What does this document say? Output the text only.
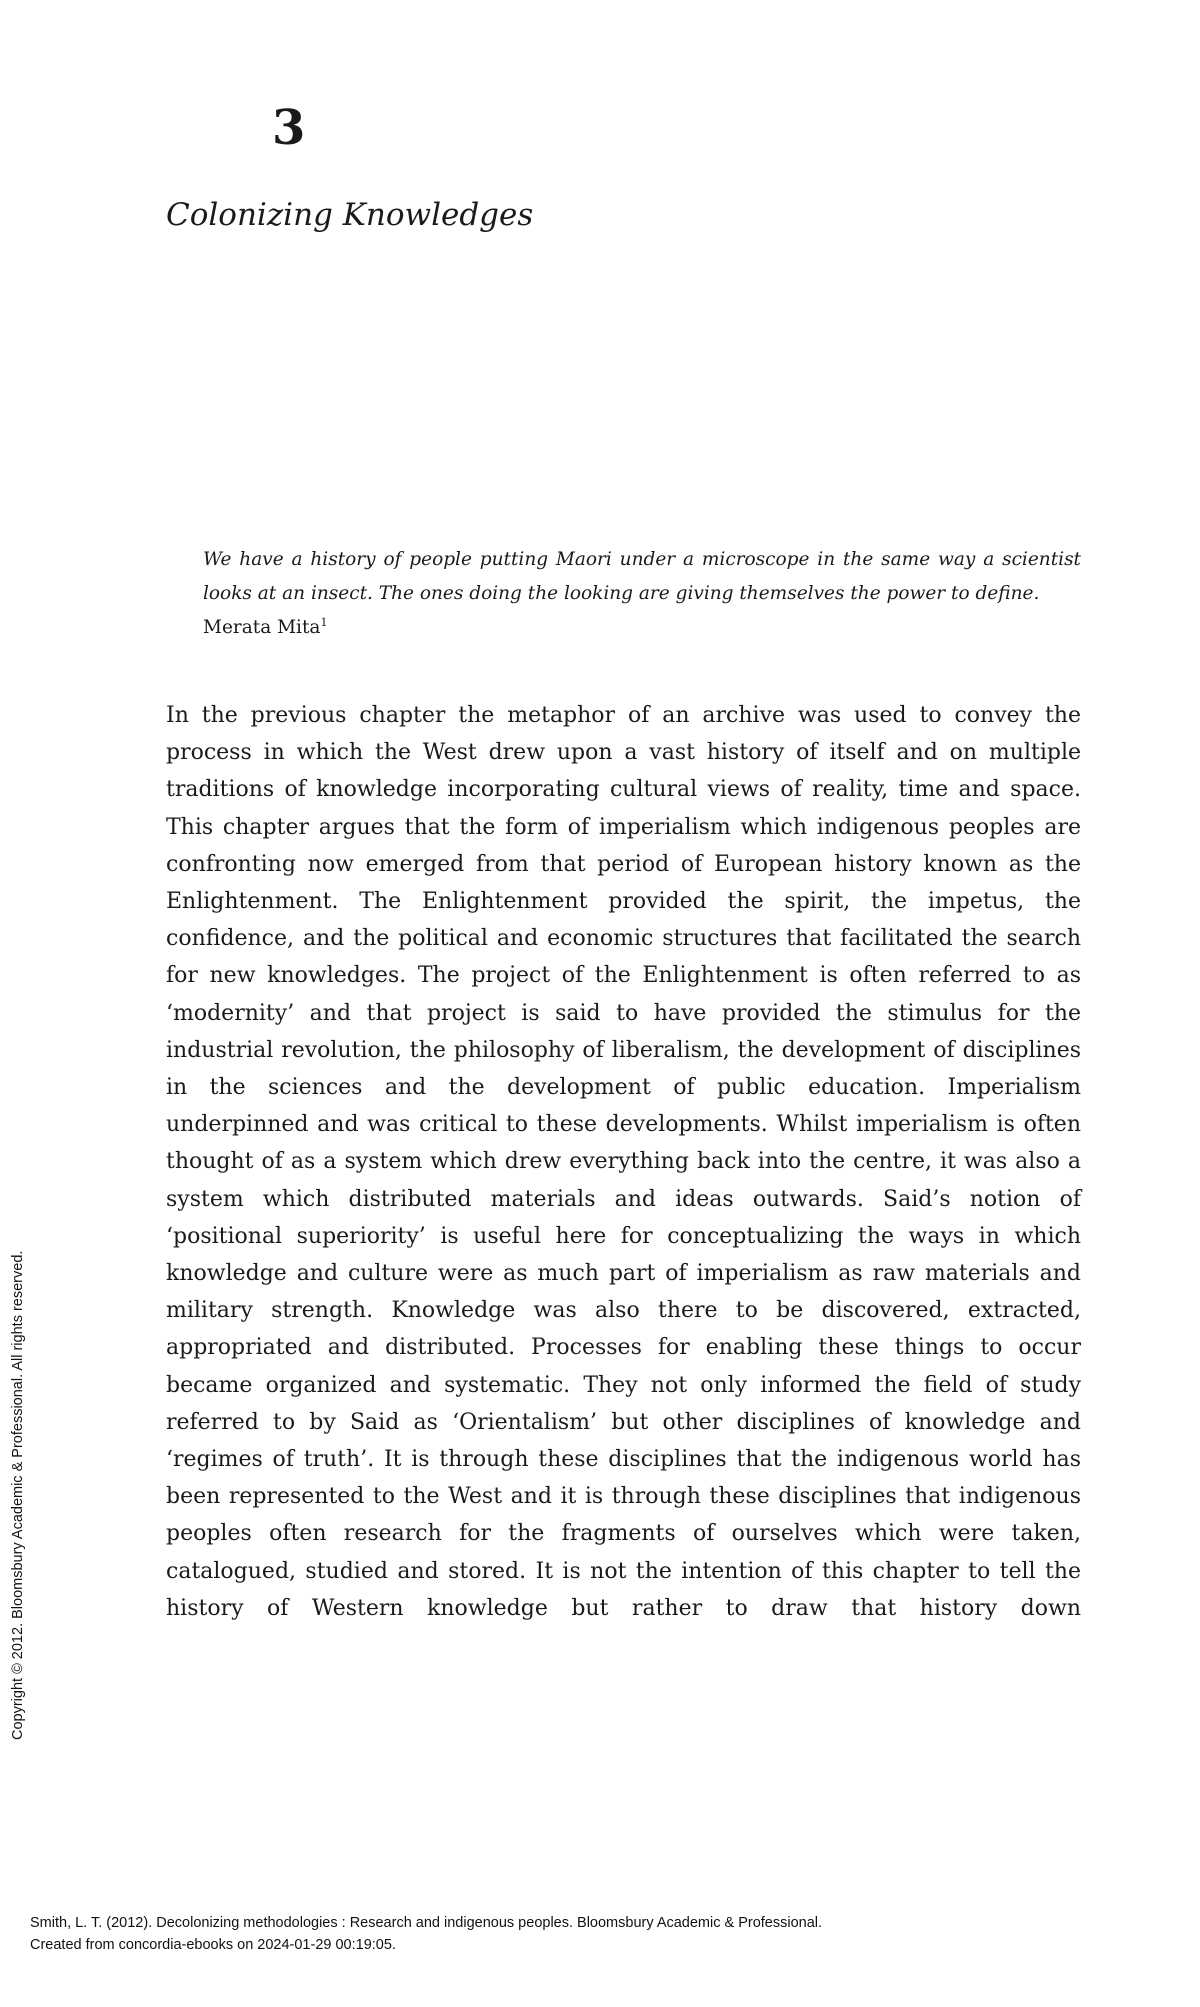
3
Colonizing Knowledges

We have a history of people putting Maori under a microscope in the same way a scientist looks at an insect. The ones doing the looking are giving themselves the power to define.

Merata Mita$^1$

In the previous chapter the metaphor of an archive was used to convey the process in which the West drew upon a vast history of itself and on multiple traditions of knowledge incorporating cultural views of reality, time and space. This chapter argues that the form of imperialism which indigenous peoples are confronting now emerged from that period of European history known as the Enlightenment. The Enlightenment provided the spirit, the impetus, the confidence, and the political and economic structures that facilitated the search for new knowledges. The project of the Enlightenment is often referred to as ‘modernity’ and that project is said to have provided the stimulus for the industrial revolution, the philosophy of liberalism, the development of disciplines in the sciences and the development of public education. Imperialism underpinned and was critical to these developments. Whilst imperialism is often thought of as a system which drew everything back into the centre, it was also a system which distributed materials and ideas outwards. Said’s notion of ‘positional superiority’ is useful here for conceptualizing the ways in which knowledge and culture were as much part of imperialism as raw materials and military strength. Knowledge was also there to be discovered, extracted, appropriated and distributed. Processes for enabling these things to occur became organized and systematic. They not only informed the field of study referred to by Said as ‘Orientalism’ but other disciplines of knowledge and ‘regimes of truth’. It is through these disciplines that the indigenous world has been represented to the West and it is through these disciplines that indigenous peoples often research for the fragments of ourselves which were taken, catalogued, studied and stored. It is not the intention of this chapter to tell the history of Western knowledge but rather to draw that history down

Copyright © 2012. Bloomsbury Academic & Professional. All rights reserved.

Smith, L. T. (2012). Decolonizing methodologies : Research and indigenous peoples. Bloomsbury Academic & Professional.

Created from concordia-ebooks on 2024-01-29 00:19:05.
